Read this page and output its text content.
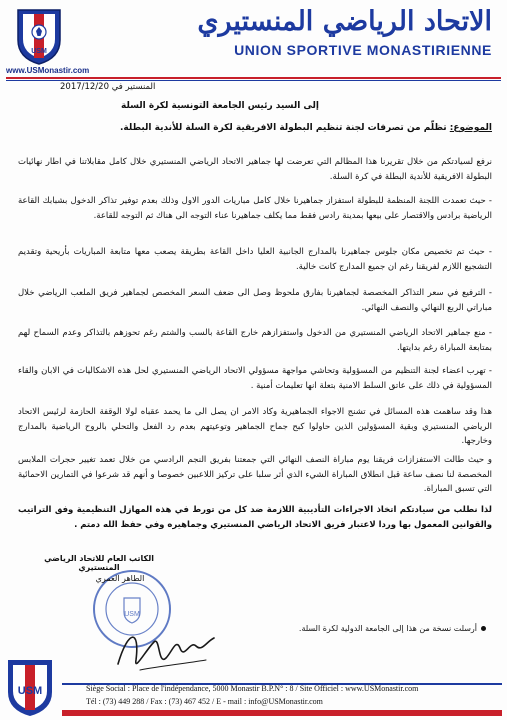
USM
www.USMonastir.com
الاتحاد الرياضي المنستيري
UNION SPORTIVE MONASTIRIENNE
المنستير في 2017/12/20
إلى السيد رئيس الجامعة التونسية لكرة السلة
الموضوع: تظلّم من تصرفات لجنة تنظيم البطولة الافريقية لكرة السلة للأندية البطلة.
نرفع لسيادتكم من خلال تقريرنا هذا المظالم التي تعرضت لها جماهير الاتحاد الرياضي المنستيري خلال كامل مقابلاتنا في اطار نهائيات البطولة الافريقية للأندية البطلة في كرة السلة.
- حيث تعمدت اللجنة المنظمة للبطولة استفزاز جماهيرنا خلال كامل مباريات الدور الاول وذلك بعدم توفير تذاكر الدخول بشبابك القاعة الرياضية برادس والاقتصار على بيعها بمدينة رادس فقط مما يكلف جماهيرنا عناء التوجه الى هناك ثم التوجه للقاعة.
- حيث تم تخصيص مكان جلوس جماهيرنا بالمدارج الجانبية العليا داخل القاعة بطريقة يصعب معها متابعة المباريات بأريحية وتقديم التشجيع اللازم لفريقنا رغم ان جميع المدارج كانت خالية.
- الترفيع في سعر التذاكر المخصصة لجماهيرنا بفارق ملحوظ وصل الى ضعف السعر المخصص لجماهير فريق الملعب الرياضي خلال مباراتي الربع النهائي والنصف النهائي.
- منع جماهير الاتحاد الرياضي المنستيري من الدخول واستفزازهم خارج القاعة بالسب والشتم رغم تحوزهم بالتذاكر وعدم السماح لهم بمتابعة المباراة رغم بدايتها.
- تهرب اعضاء لجنة التنظيم من المسؤولية وتحاشي مواجهة مسؤولي الاتحاد الرياضي المنستيري لحل هذه الاشكاليات في الابان والقاء المسؤولية في ذلك على عاتق السلط الامنية بتعلة انها تعليمات أمنية .
هذا وقد ساهمت هذه المسائل في تشنج الاجواء الجماهيرية وكاد الامر ان يصل الى ما يحمد عقباه لولا الوقفة الحازمة لرئيس الاتحاد الرياضي المنستيري وبقية المسؤولين الذين حاولوا كبح جماح الجماهير وتوعيتهم بعدم رد الفعل والتحلي بالروح الرياضية بالمدارج وخارجها.
و حيث طالت الاستفزازات فريقنا يوم مباراة النصف النهائي التي جمعتنا بفريق النجم الرادسي من خلال تعمد تغيير حجرات الملابس المخصصة لنا نصف ساعة قبل انطلاق المباراة الشيء الذي أثر سلبا على تركيز اللاعبين خصوصا و أنهم قد شرعوا في التمارين الاحمائية التي تسبق المباراة.
لذا نطلب من سيادتكم اتخاذ الاجراءات التأديبية اللازمة ضد كل من تورط في هذه المهازل التنظيمية وفق التراتيب والقوانين المعمول بها وردا لاعتبار فريق الاتحاد الرياضي المنستيري وجماهيره وفي حفظ الله دمتم .
USM
الكاتب العام للاتحاد الرياضي المنستيري
الطاهر العمري
أرسلت نسخة من هذا إلى الجامعة الدولية لكرة السلة.
USM	Siège Social : Place de l'indépendance, 5000 Monastir B.P.N° : 8 / Site Officiel : www.USMonastir.com
Tél : (73) 449 288 / Fax : (73) 467 452 / E - mail : info@USMonastir.com
